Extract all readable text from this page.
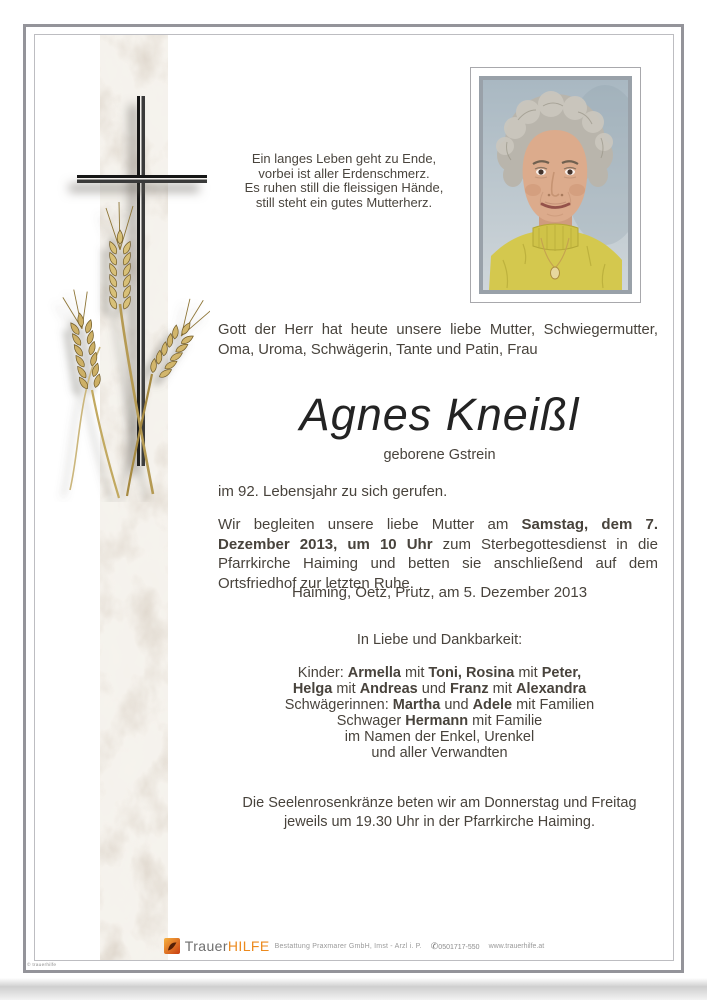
Ein langes Leben geht zu Ende,
vorbei ist aller Erdenschmerz.
Es ruhen still die fleissigen Hände,
still steht ein gutes Mutterherz.
Gott der Herr hat heute unsere liebe Mutter, Schwiegermutter, Oma, Uroma, Schwägerin, Tante und Patin, Frau
Agnes Kneißl
geborene Gstrein
im 92. Lebensjahr zu sich gerufen.
Wir begleiten unsere liebe Mutter am Samstag, dem 7. Dezember 2013, um 10 Uhr zum Sterbegottesdienst in die Pfarrkirche Haiming und betten sie anschließend auf dem Ortsfriedhof zur letzten Ruhe.
Haiming, Oetz, Prutz, am 5. Dezember 2013
In Liebe und Dankbarkeit:
Kinder: Armella mit Toni, Rosina mit Peter,
Helga mit Andreas und Franz mit Alexandra
Schwägerinnen: Martha und Adele mit Familien
Schwager Hermann mit Familie
im Namen der Enkel, Urenkel
und aller Verwandten
Die Seelenrosenkränze beten wir am Donnerstag und Freitag
jeweils um 19.30 Uhr in der Pfarrkirche Haiming.
TrauerHILFE Bestattung Praxmarer GmbH, Imst - Arzl i. P. ✆0501717-550 www.trauerhilfe.at
© trauerhilfe
